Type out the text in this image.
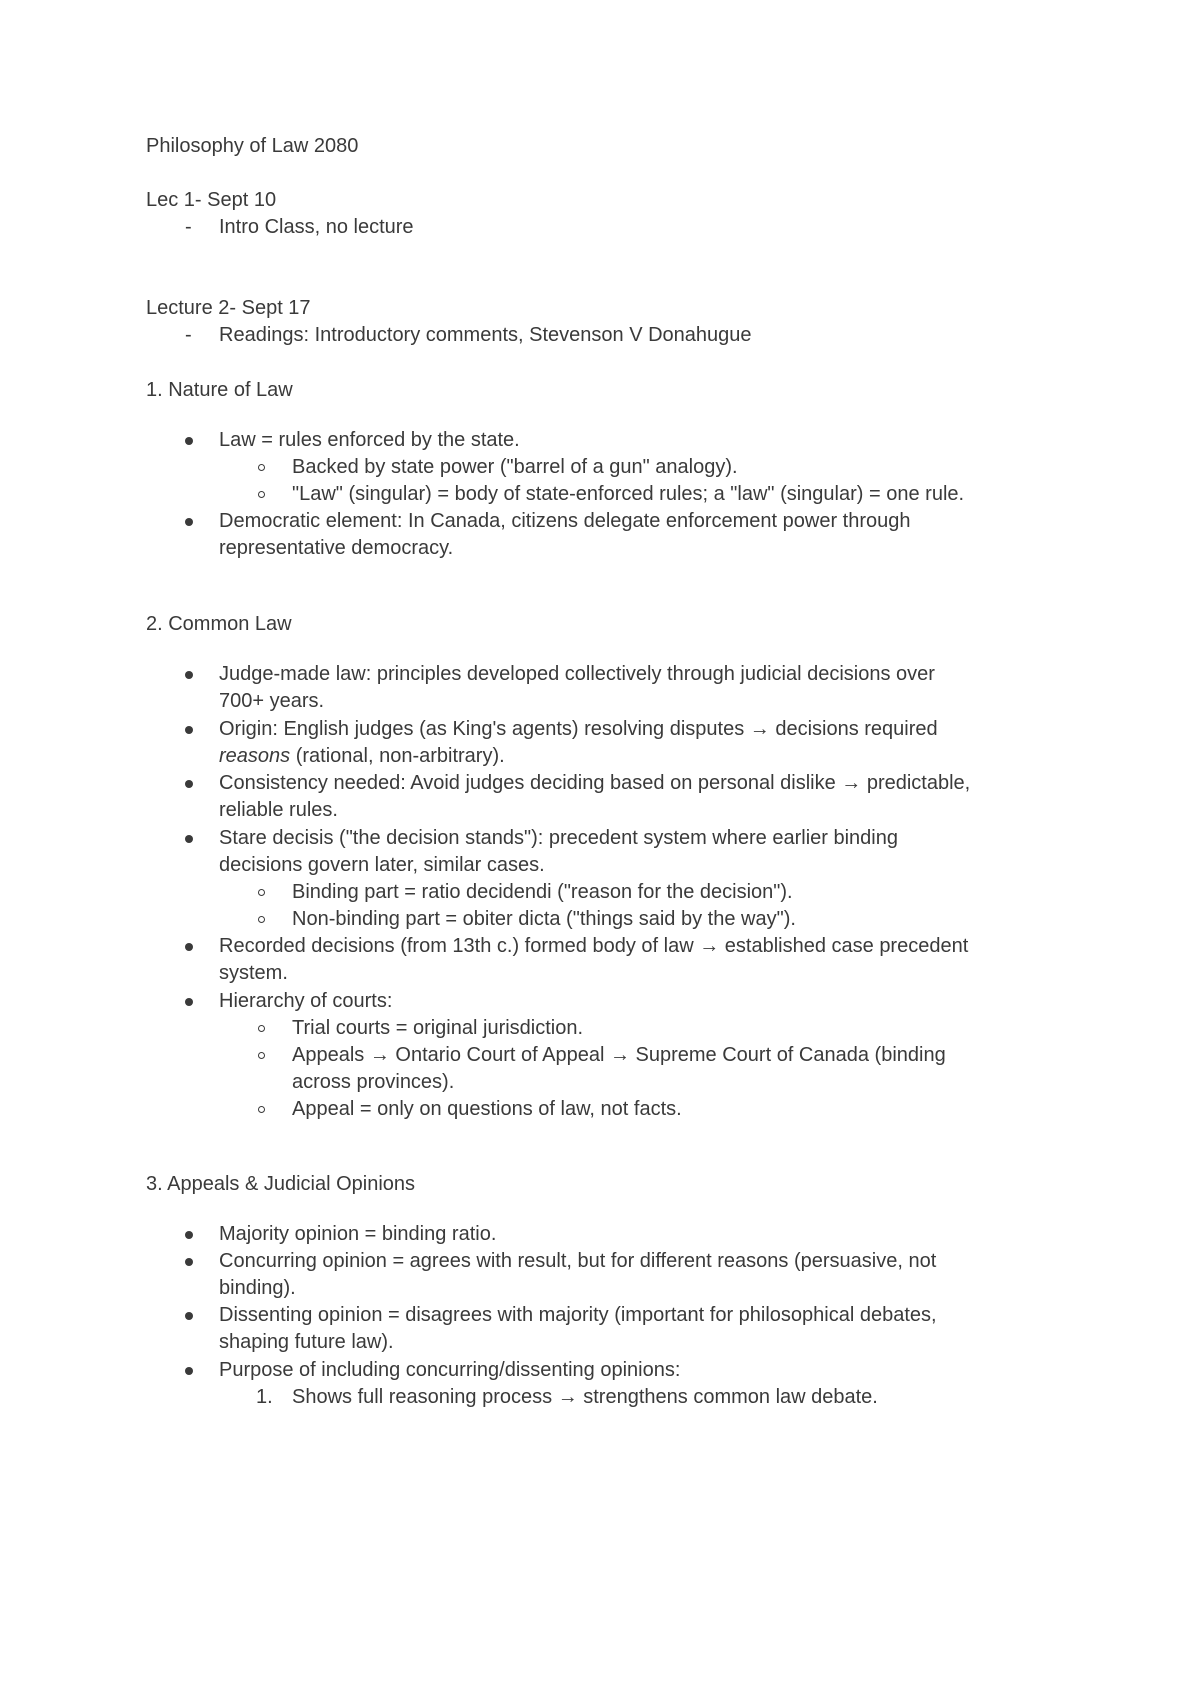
Philosophy of Law 2080
Lec 1- Sept 10
- Intro Class, no lecture
Lecture 2- Sept 17
- Readings: Introductory comments, Stevenson V Donahugue
1. Nature of Law
Law = rules enforced by the state.
Backed by state power ("barrel of a gun" analogy).
"Law" (singular) = body of state-enforced rules; a "law" (singular) = one rule.
Democratic element: In Canada, citizens delegate enforcement power through
representative democracy.
2. Common Law
Judge-made law: principles developed collectively through judicial decisions over
700+ years.
Origin: English judges (as King's agents) resolving disputes → decisions required
reasons (rational, non-arbitrary).
Consistency needed: Avoid judges deciding based on personal dislike → predictable,
reliable rules.
Stare decisis ("the decision stands"): precedent system where earlier binding
decisions govern later, similar cases.
Binding part = ratio decidendi ("reason for the decision").
Non-binding part = obiter dicta ("things said by the way").
Recorded decisions (from 13th c.) formed body of law → established case precedent
system.
Hierarchy of courts:
Trial courts = original jurisdiction.
Appeals → Ontario Court of Appeal → Supreme Court of Canada (binding
across provinces).
Appeal = only on questions of law, not facts.
3. Appeals & Judicial Opinions
Majority opinion = binding ratio.
Concurring opinion = agrees with result, but for different reasons (persuasive, not
binding).
Dissenting opinion = disagrees with majority (important for philosophical debates,
shaping future law).
Purpose of including concurring/dissenting opinions:
1. Shows full reasoning process → strengthens common law debate.
